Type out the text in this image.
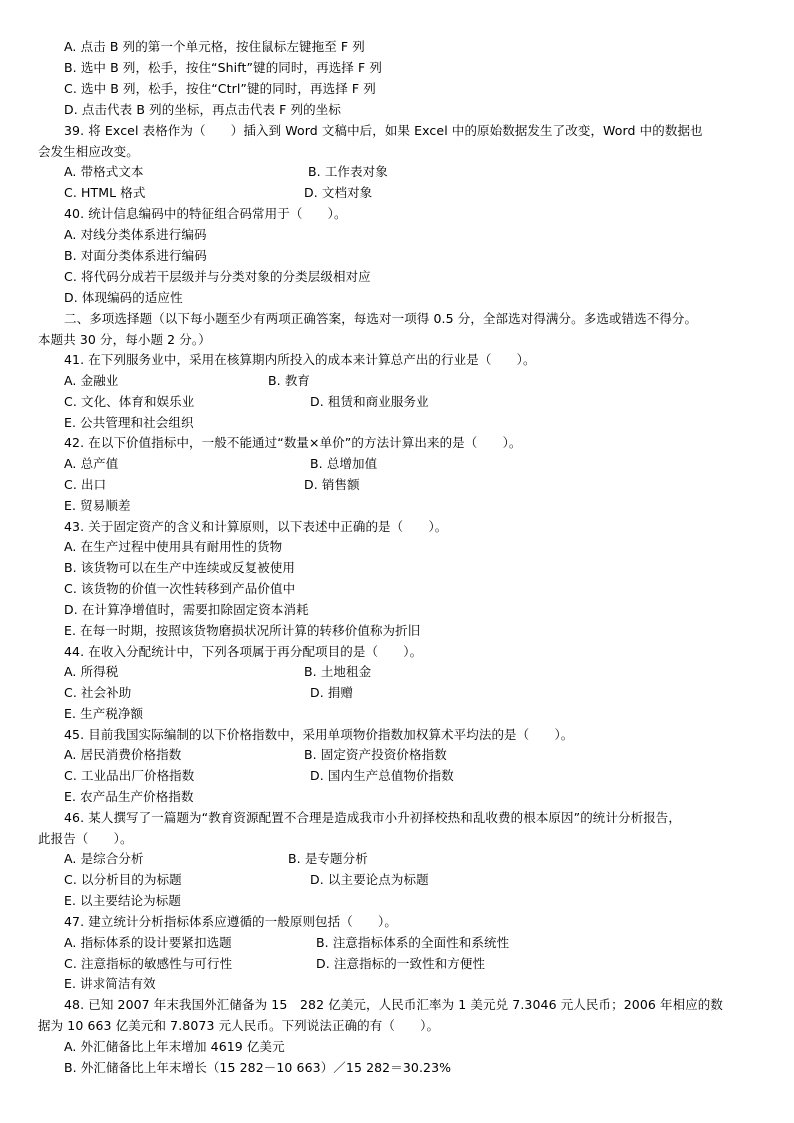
A. 点击 B 列的第一个单元格，按住鼠标左键拖至 F 列
B. 选中 B 列，松手，按住“Shift”键的同时，再选择 F 列
C. 选中 B 列，松手，按住“Ctrl”键的同时，再选择 F 列
D. 点击代表 B 列的坐标，再点击代表 F 列的坐标
39. 将 Excel 表格作为（　　）插入到 Word 文稿中后，如果 Excel 中的原始数据发生了改变，Word 中的数据也
会发生相应改变。
A. 带格式文本	B. 工作表对象
C. HTML 格式	D. 文档对象
40. 统计信息编码中的特征组合码常用于（　　）。
A. 对线分类体系进行编码
B. 对面分类体系进行编码
C. 将代码分成若干层级并与分类对象的分类层级相对应
D. 体现编码的适应性
二、多项选择题（以下每小题至少有两项正确答案，每选对一项得 0.5 分，全部选对得满分。多选或错选不得分。
本题共 30 分，每小题 2 分。）
41. 在下列服务业中，采用在核算期内所投入的成本来计算总产出的行业是（　　）。
A. 金融业	B. 教育
C. 文化、体育和娱乐业	D. 租赁和商业服务业
E. 公共管理和社会组织
42. 在以下价值指标中，一般不能通过“数量×单价”的方法计算出来的是（　　）。
A. 总产值	B. 总增加值
C. 出口	D. 销售额
E. 贸易顺差
43. 关于固定资产的含义和计算原则，以下表述中正确的是（　　）。
A. 在生产过程中使用具有耐用性的货物
B. 该货物可以在生产中连续或反复被使用
C. 该货物的价值一次性转移到产品价值中
D. 在计算净增值时，需要扣除固定资本消耗
E. 在每一时期，按照该货物磨损状况所计算的转移价值称为折旧
44. 在收入分配统计中，下列各项属于再分配项目的是（　　）。
A. 所得税	B. 土地租金
C. 社会补助	D. 捐赠
E. 生产税净额
45. 目前我国实际编制的以下价格指数中，采用单项物价指数加权算术平均法的是（　　）。
A. 居民消费价格指数	B. 固定资产投资价格指数
C. 工业品出厂价格指数	D. 国内生产总值物价指数
E. 农产品生产价格指数
46. 某人撰写了一篇题为“教育资源配置不合理是造成我市小升初择校热和乱收费的根本原因”的统计分析报告，
此报告（　　）。
A. 是综合分析	B. 是专题分析
C. 以分析目的为标题	D. 以主要论点为标题
E. 以主要结论为标题
47. 建立统计分析指标体系应遵循的一般原则包括（　　）。
A. 指标体系的设计要紧扣选题	B. 注意指标体系的全面性和系统性
C. 注意指标的敏感性与可行性	D. 注意指标的一致性和方便性
E. 讲求简洁有效
48. 已知 2007 年末我国外汇储备为 15　282 亿美元，人民币汇率为 1 美元兑 7.3046 元人民币；2006 年相应的数
据为 10 663 亿美元和 7.8073 元人民币。下列说法正确的有（　　）。
A. 外汇储备比上年末增加 4619 亿美元
B. 外汇储备比上年末增长（15 282－10 663）／15 282＝30.23%
